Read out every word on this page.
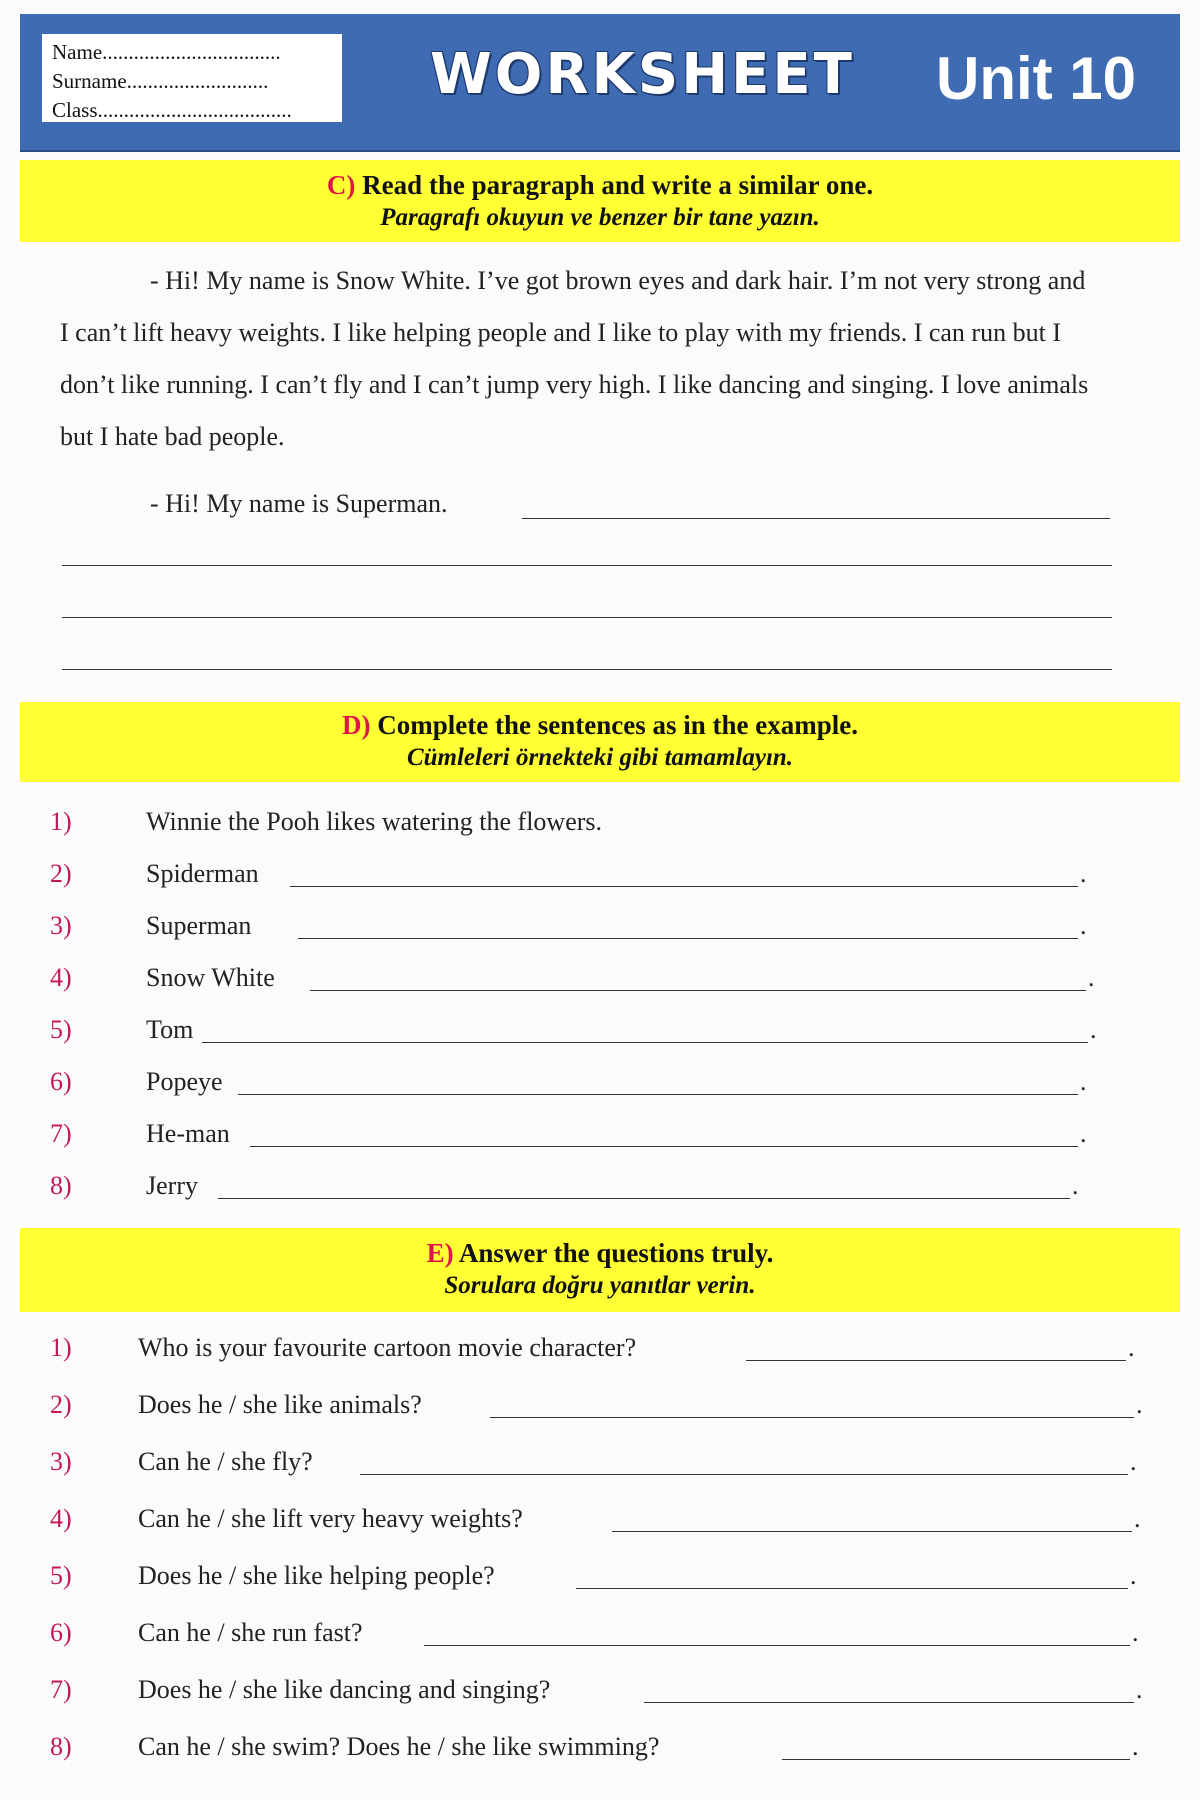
Name..................................
Surname...........................
Class.....................................
WORKSHEET Unit 10
C) Read the paragraph and write a similar one.
Paragrafı okuyun ve benzer bir tane yazın.

- Hi! My name is Snow White. I’ve got brown eyes and dark hair. I’m not very strong and I can’t lift heavy weights. I like helping people and I like to play with my friends. I can run but I don’t like running. I can’t fly and I can’t jump very high. I like dancing and singing. I love animals but I hate bad people.

- Hi! My name is Superman.
D) Complete the sentences as in the example.
Cümleleri örnekteki gibi tamamlayın.
1)	Winnie the Pooh likes watering the flowers.
2)	Spiderman	.
3)	Superman	.
4)	Snow White	.
5)	Tom	.
6)	Popeye	.
7)	He-man	.
8)	Jerry	.
E) Answer the questions truly.
Sorulara doğru yanıtlar verin.
1)	Who is your favourite cartoon movie character?	.
2)	Does he / she like animals?	.
3)	Can he / she fly?	.
4)	Can he / she lift very heavy weights?	.
5)	Does he / she like helping people?	.
6)	Can he / she run fast?	.
7)	Does he / she like dancing and singing?	.
8)	Can he / she swim? Does he / she like swimming?	.
